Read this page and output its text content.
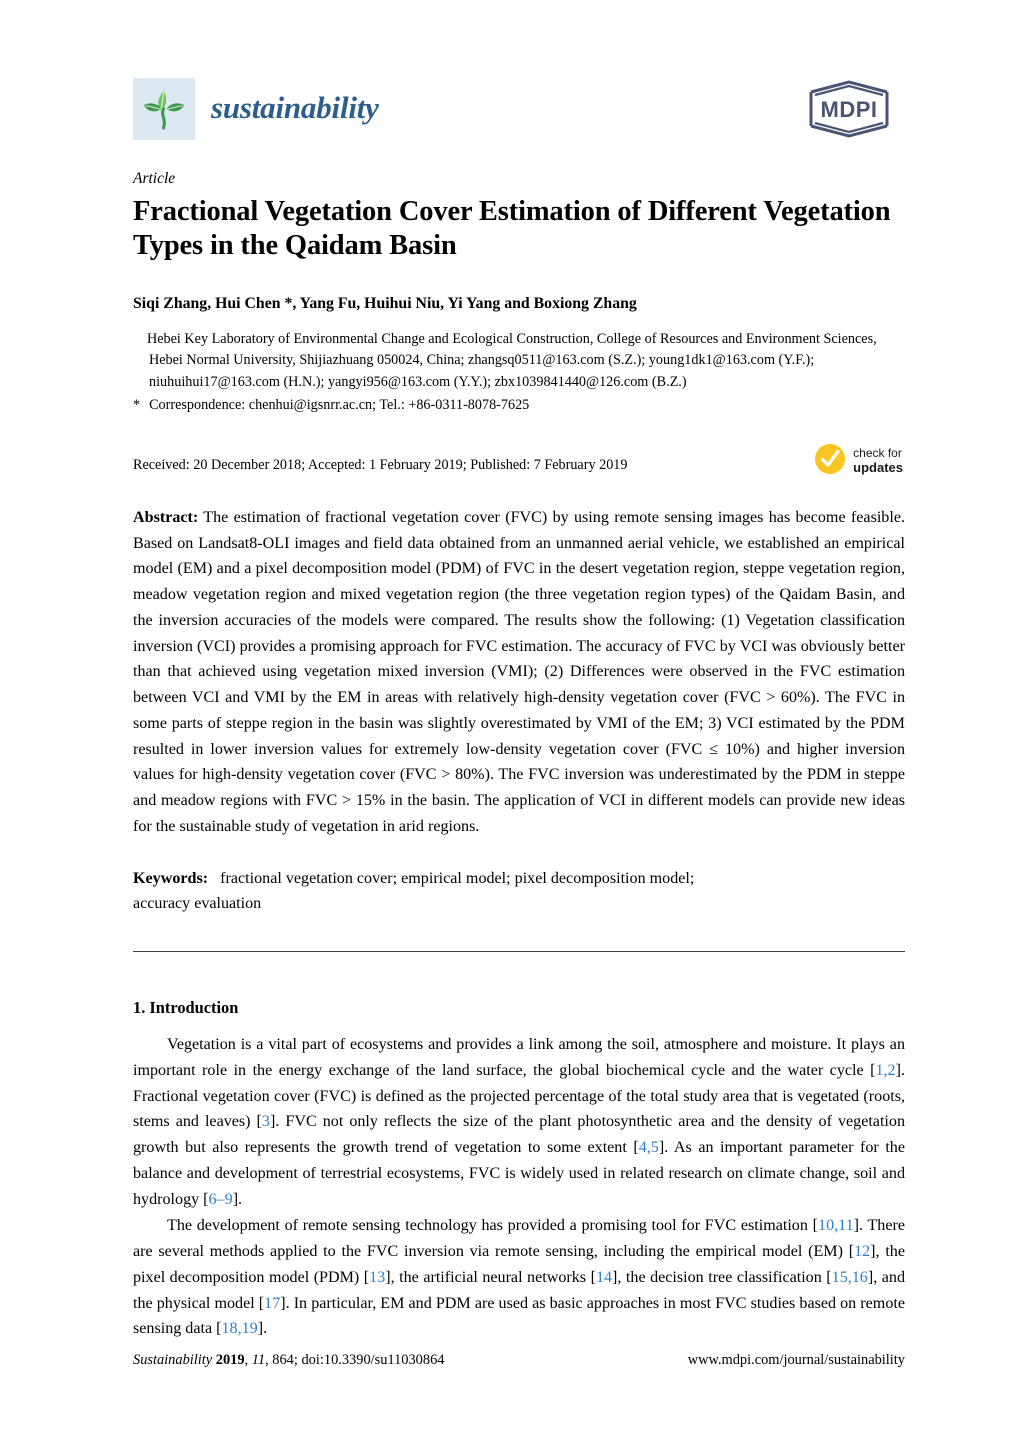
sustainability	MDPI

Article

Fractional Vegetation Cover Estimation of Different Vegetation Types in the Qaidam Basin

Siqi Zhang, Hui Chen *, Yang Fu, Huihui Niu, Yi Yang and Boxiong Zhang

Hebei Key Laboratory of Environmental Change and Ecological Construction, College of Resources and Environment Sciences, Hebei Normal University, Shijiazhuang 050024, China; zhangsq0511@163.com (S.Z.); young1dk1@163.com (Y.F.); niuhuihui17@163.com (H.N.); yangyi956@163.com (Y.Y.); zbx1039841440@126.com (B.Z.)

* Correspondence: chenhui@igsnrr.ac.cn; Tel.: +86-0311-8078-7625

Received: 20 December 2018; Accepted: 1 February 2019; Published: 7 February 2019
check for
updates

Abstract: The estimation of fractional vegetation cover (FVC) by using remote sensing images has become feasible. Based on Landsat8-OLI images and field data obtained from an unmanned aerial vehicle, we established an empirical model (EM) and a pixel decomposition model (PDM) of FVC in the desert vegetation region, steppe vegetation region, meadow vegetation region and mixed vegetation region (the three vegetation region types) of the Qaidam Basin, and the inversion accuracies of the models were compared. The results show the following: (1) Vegetation classification inversion (VCI) provides a promising approach for FVC estimation. The accuracy of FVC by VCI was obviously better than that achieved using vegetation mixed inversion (VMI); (2) Differences were observed in the FVC estimation between VCI and VMI by the EM in areas with relatively high-density vegetation cover (FVC > 60%). The FVC in some parts of steppe region in the basin was slightly overestimated by VMI of the EM; 3) VCI estimated by the PDM resulted in lower inversion values for extremely low-density vegetation cover (FVC ≤ 10%) and higher inversion values for high-density vegetation cover (FVC > 80%). The FVC inversion was underestimated by the PDM in steppe and meadow regions with FVC > 15% in the basin. The application of VCI in different models can provide new ideas for the sustainable study of vegetation in arid regions.

Keywords: fractional vegetation cover; empirical model; pixel decomposition model;
accuracy evaluation

1. Introduction

Vegetation is a vital part of ecosystems and provides a link among the soil, atmosphere and moisture. It plays an important role in the energy exchange of the land surface, the global biochemical cycle and the water cycle [1,2]. Fractional vegetation cover (FVC) is defined as the projected percentage of the total study area that is vegetated (roots, stems and leaves) [3]. FVC not only reflects the size of the plant photosynthetic area and the density of vegetation growth but also represents the growth trend of vegetation to some extent [4,5]. As an important parameter for the balance and development of terrestrial ecosystems, FVC is widely used in related research on climate change, soil and hydrology [6–9].

The development of remote sensing technology has provided a promising tool for FVC estimation [10,11]. There are several methods applied to the FVC inversion via remote sensing, including the empirical model (EM) [12], the pixel decomposition model (PDM) [13], the artificial neural networks [14], the decision tree classification [15,16], and the physical model [17]. In particular, EM and PDM are used as basic approaches in most FVC studies based on remote sensing data [18,19].

Sustainability 2019, 11, 864; doi:10.3390/su11030864	www.mdpi.com/journal/sustainability
